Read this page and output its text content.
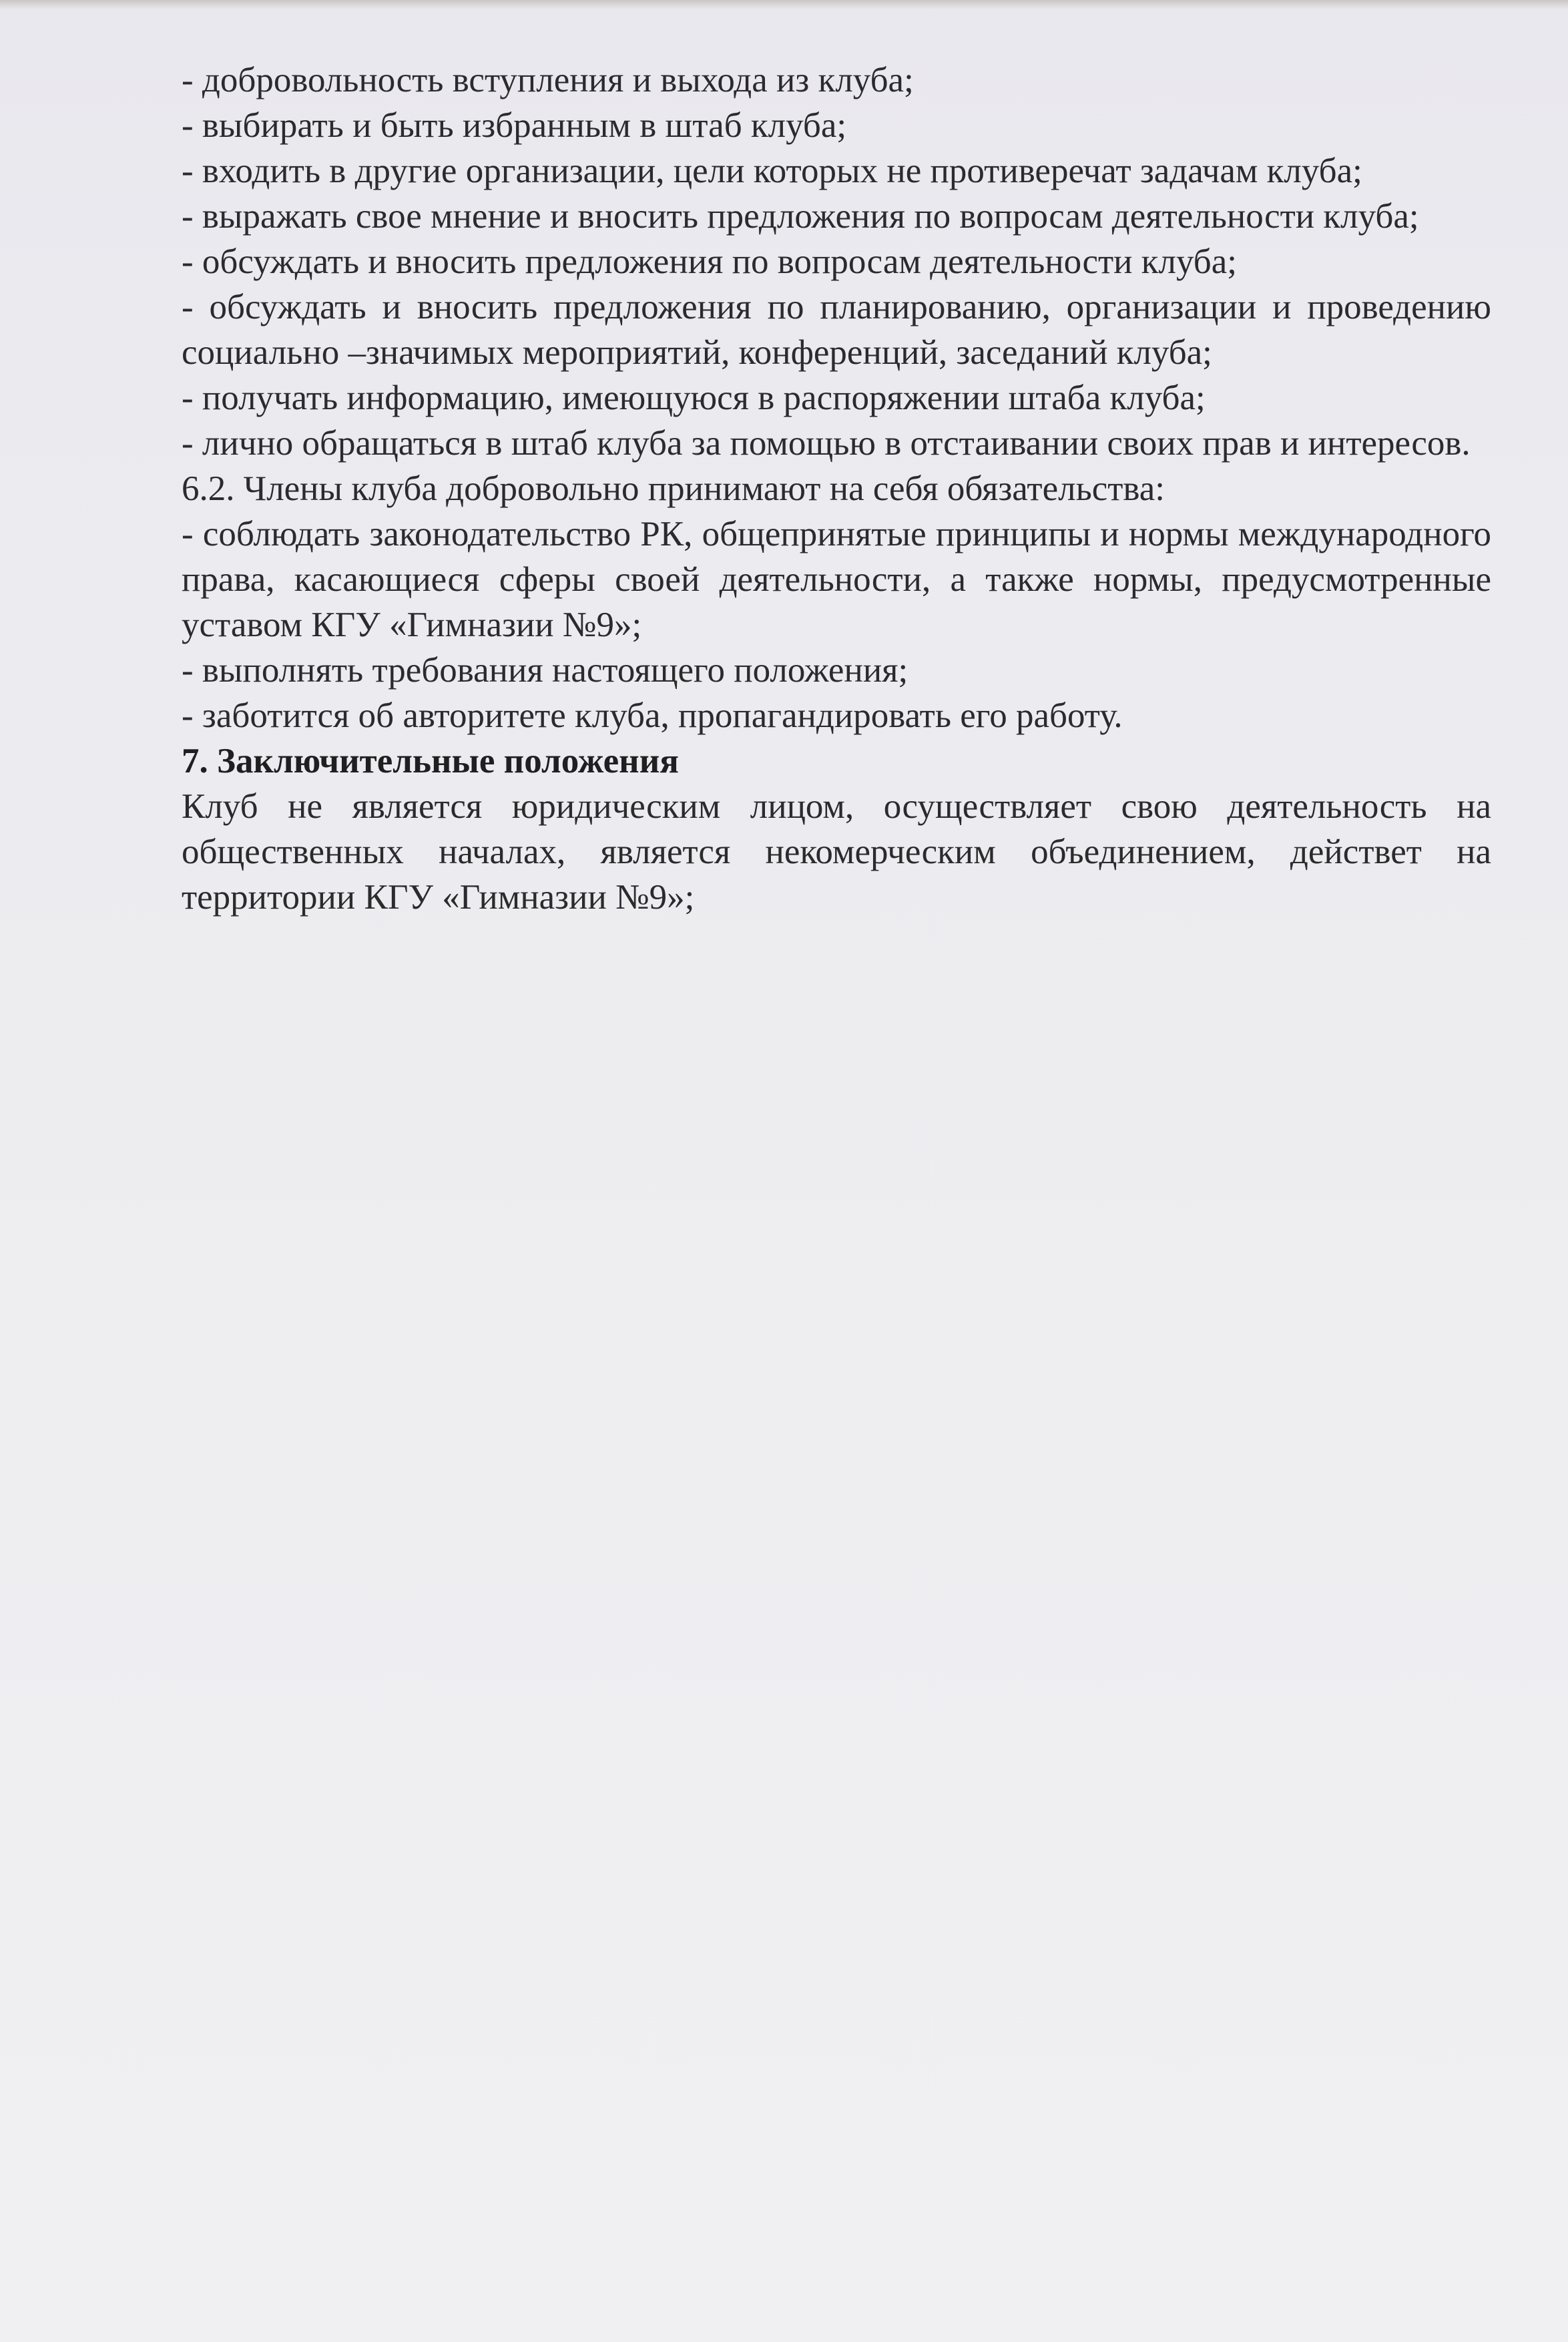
- добровольность вступления и выхода из клуба;

- выбирать и быть избранным в штаб клуба;

- входить в другие организации, цели которых не противеречат задачам клуба;

- выражать свое мнение и вносить предложения по вопросам деятельности клуба;

- обсуждать и вносить предложения по вопросам деятельности клуба;

- обсуждать и вносить предложения по планированию, организации и проведению социально –значимых мероприятий, конференций, заседаний клуба;

- получать информацию, имеющуюся в распоряжении штаба клуба;

- лично обращаться в штаб клуба за помощью в отстаивании своих прав и интересов.

6.2. Члены клуба добровольно принимают на себя обязательства:

- соблюдать законодательство РК, общепринятые принципы и нормы международного права, касающиеся сферы своей деятельности, а также нормы, предусмотренные уставом КГУ «Гимназии №9»;

- выполнять требования настоящего положения;

- заботится об авторитете клуба, пропагандировать его работу.

7. Заключительные положения

Клуб не является юридическим лицом, осуществляет свою деятельность на общественных началах, является некомерческим объединением, действет на территории КГУ «Гимназии №9»;
